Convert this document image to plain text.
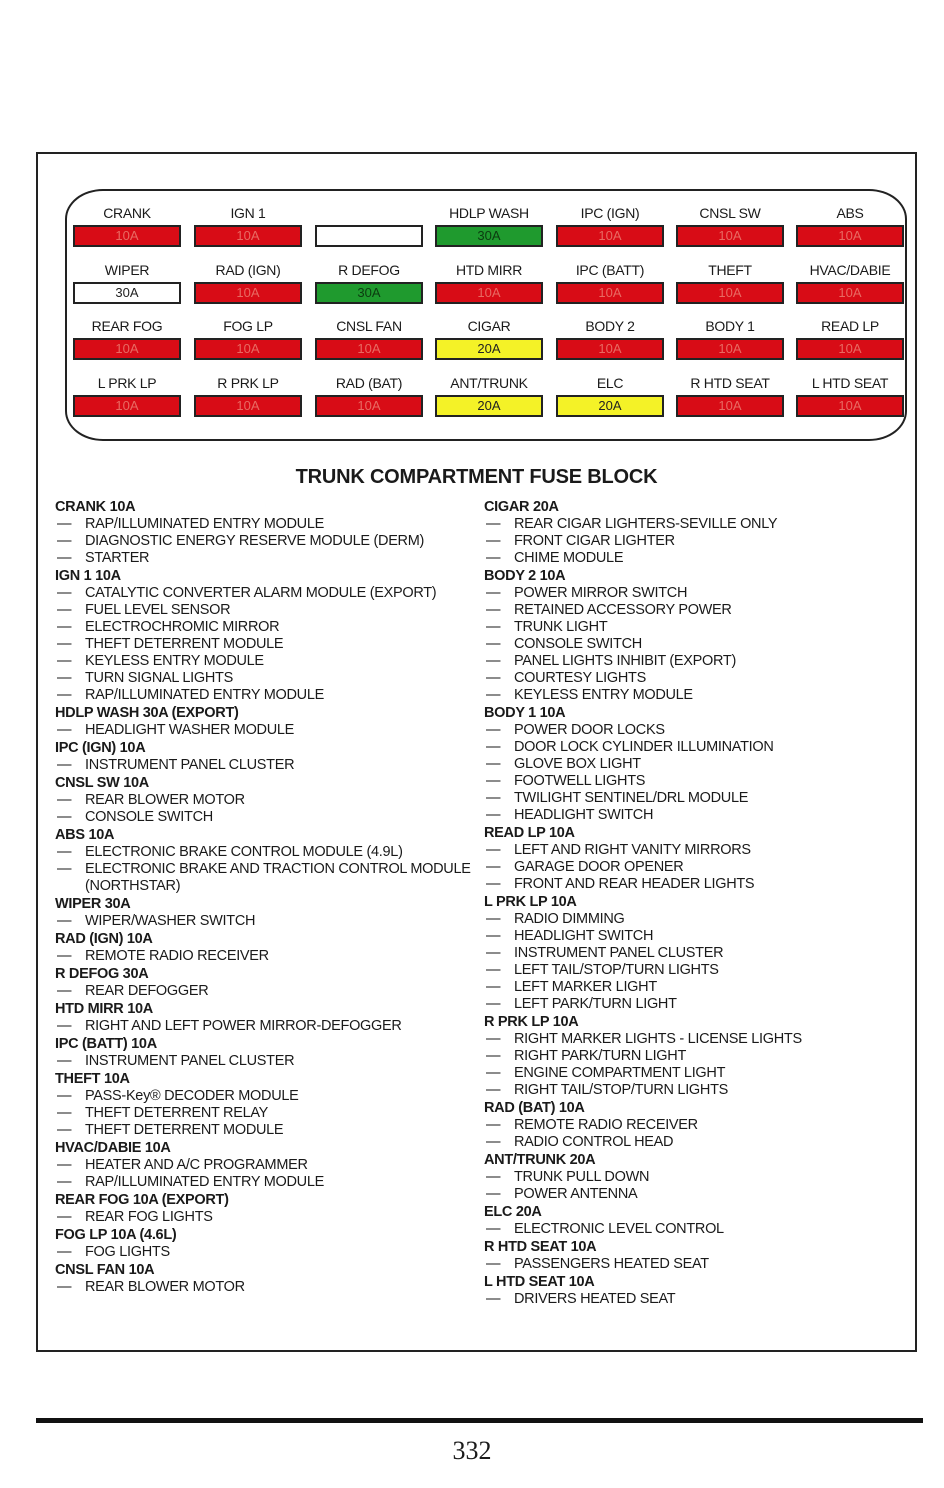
CRANK
10A
IGN 1
10A
HDLP WASH
30A
IPC (IGN)
10A
CNSL SW
10A
ABS
10A
WIPER
30A
RAD (IGN)
10A
R DEFOG
30A
HTD MIRR
10A
IPC (BATT)
10A
THEFT
10A
HVAC/DABIE
10A
REAR FOG
10A
FOG LP
10A
CNSL FAN
10A
CIGAR
20A
BODY 2
10A
BODY 1
10A
READ LP
10A
L PRK LP
10A
R PRK LP
10A
RAD (BAT)
10A
ANT/TRUNK
20A
ELC
20A
R HTD SEAT
10A
L HTD SEAT
10A
TRUNK COMPARTMENT FUSE BLOCK
CRANK 10A
— RAP/ILLUMINATED ENTRY MODULE
— DIAGNOSTIC ENERGY RESERVE MODULE (DERM)
— STARTER
IGN 1 10A
— CATALYTIC CONVERTER ALARM MODULE (EXPORT)
— FUEL LEVEL SENSOR
— ELECTROCHROMIC MIRROR
— THEFT DETERRENT MODULE
— KEYLESS ENTRY MODULE
— TURN SIGNAL LIGHTS
— RAP/ILLUMINATED ENTRY MODULE
HDLP WASH 30A (EXPORT)
— HEADLIGHT WASHER MODULE
IPC (IGN) 10A
— INSTRUMENT PANEL CLUSTER
CNSL SW 10A
— REAR BLOWER MOTOR
— CONSOLE SWITCH
ABS 10A
— ELECTRONIC BRAKE CONTROL MODULE (4.9L)
— ELECTRONIC BRAKE AND TRACTION CONTROL MODULE (NORTHSTAR)
WIPER 30A
— WIPER/WASHER SWITCH
RAD (IGN) 10A
— REMOTE RADIO RECEIVER
R DEFOG 30A
— REAR DEFOGGER
HTD MIRR 10A
— RIGHT AND LEFT POWER MIRROR-DEFOGGER
IPC (BATT) 10A
— INSTRUMENT PANEL CLUSTER
THEFT 10A
— PASS-Key® DECODER MODULE
— THEFT DETERRENT RELAY
— THEFT DETERRENT MODULE
HVAC/DABIE 10A
— HEATER AND A/C PROGRAMMER
— RAP/ILLUMINATED ENTRY MODULE
REAR FOG 10A (EXPORT)
— REAR FOG LIGHTS
FOG LP 10A (4.6L)
— FOG LIGHTS
CNSL FAN 10A
— REAR BLOWER MOTOR
CIGAR 20A
— REAR CIGAR LIGHTERS-SEVILLE ONLY
— FRONT CIGAR LIGHTER
— CHIME MODULE
BODY 2 10A
— POWER MIRROR SWITCH
— RETAINED ACCESSORY POWER
— TRUNK LIGHT
— CONSOLE SWITCH
— PANEL LIGHTS INHIBIT (EXPORT)
— COURTESY LIGHTS
— KEYLESS ENTRY MODULE
BODY 1 10A
— POWER DOOR LOCKS
— DOOR LOCK CYLINDER ILLUMINATION
— GLOVE BOX LIGHT
— FOOTWELL LIGHTS
— TWILIGHT SENTINEL/DRL MODULE
— HEADLIGHT SWITCH
READ LP 10A
— LEFT AND RIGHT VANITY MIRRORS
— GARAGE DOOR OPENER
— FRONT AND REAR HEADER LIGHTS
L PRK LP 10A
— RADIO DIMMING
— HEADLIGHT SWITCH
— INSTRUMENT PANEL CLUSTER
— LEFT TAIL/STOP/TURN LIGHTS
— LEFT MARKER LIGHT
— LEFT PARK/TURN LIGHT
R PRK LP 10A
— RIGHT MARKER LIGHTS - LICENSE LIGHTS
— RIGHT PARK/TURN LIGHT
— ENGINE COMPARTMENT LIGHT
— RIGHT TAIL/STOP/TURN LIGHTS
RAD (BAT) 10A
— REMOTE RADIO RECEIVER
— RADIO CONTROL HEAD
ANT/TRUNK 20A
— TRUNK PULL DOWN
— POWER ANTENNA
ELC 20A
— ELECTRONIC LEVEL CONTROL
R HTD SEAT 10A
— PASSENGERS HEATED SEAT
L HTD SEAT 10A
— DRIVERS HEATED SEAT
332
